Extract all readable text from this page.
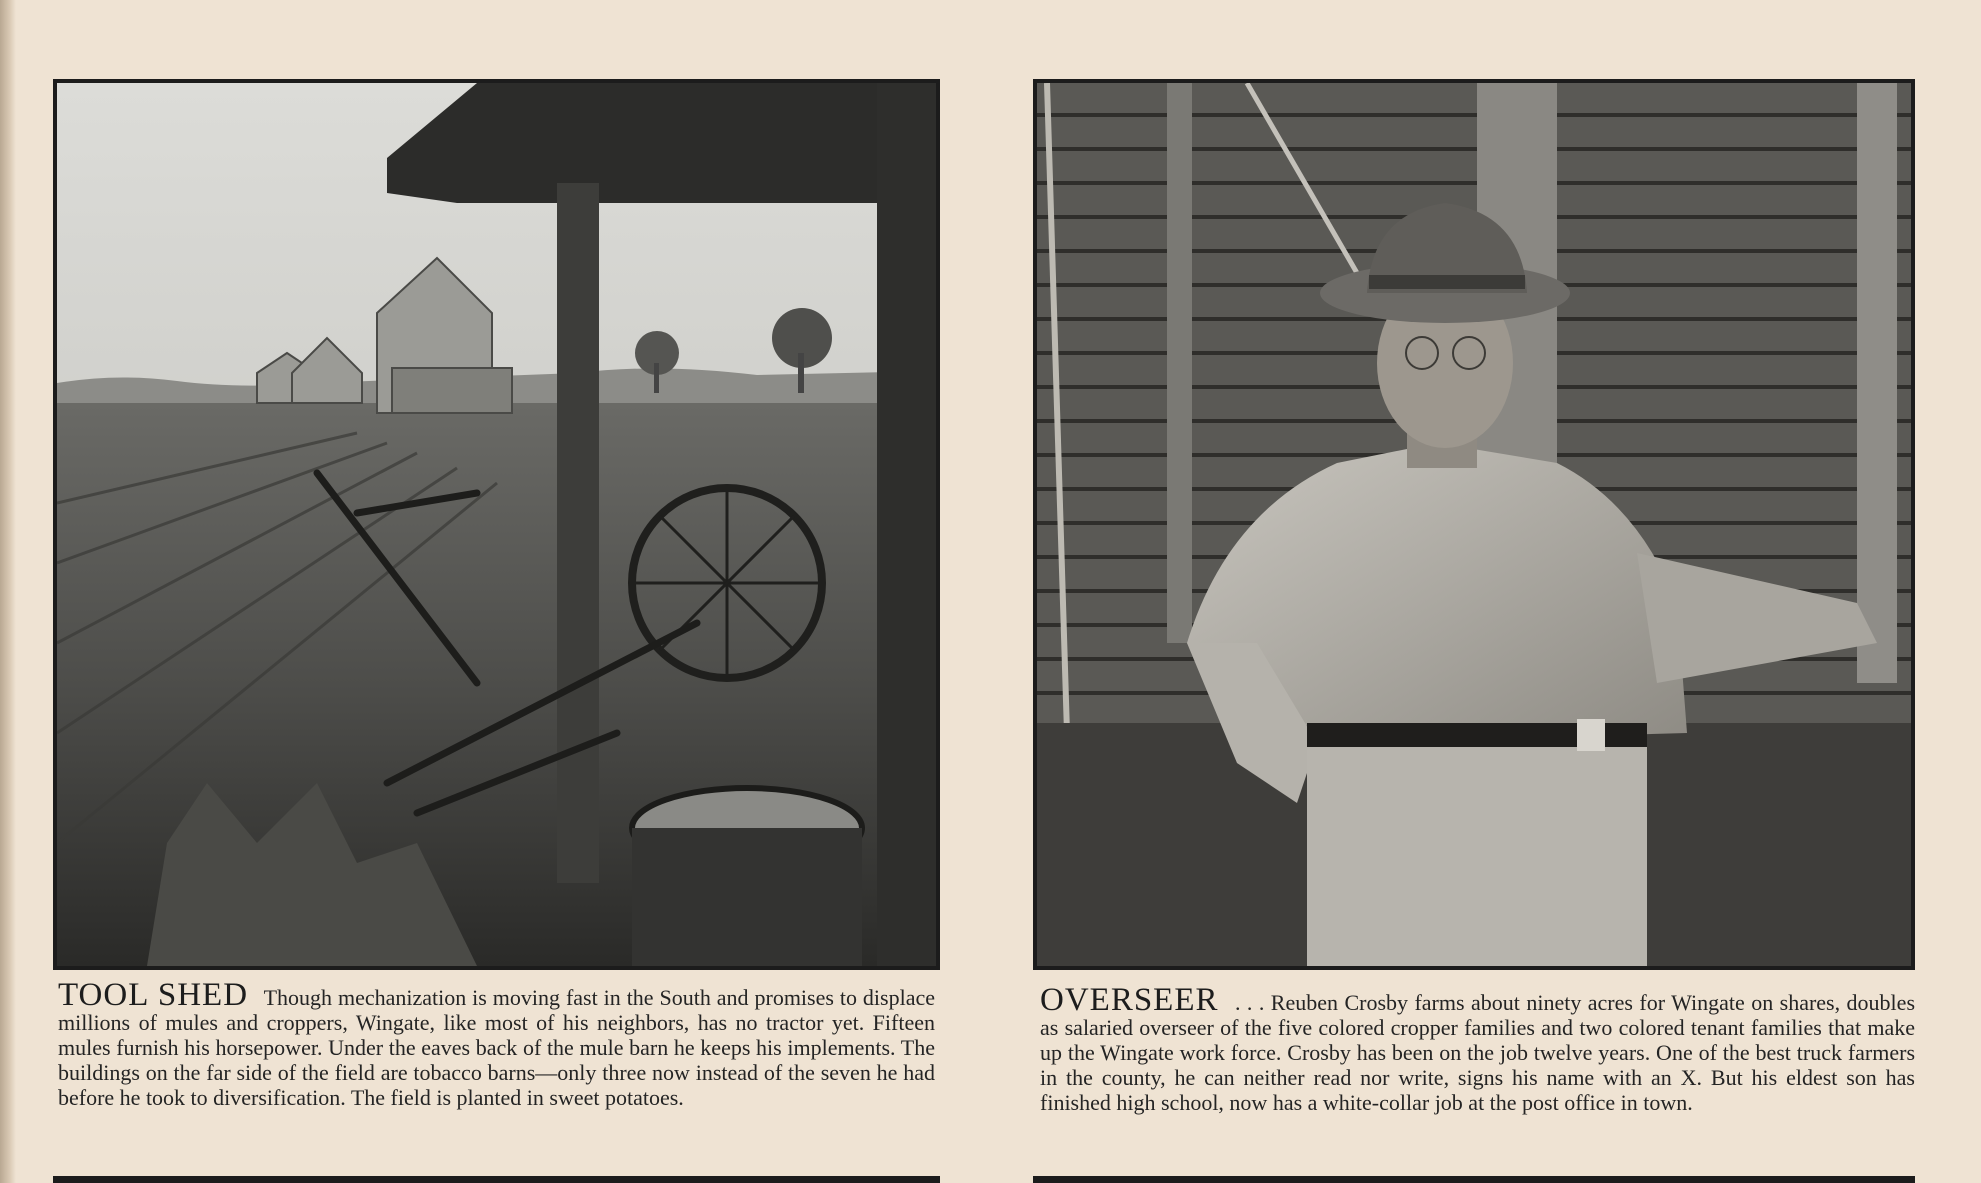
TOOL SHED Though mechanization is moving fast in the South and promises to displace millions of mules and croppers, Wingate, like most of his neighbors, has no tractor yet. Fifteen mules furnish his horsepower. Under the eaves back of the mule barn he keeps his implements. The buildings on the far side of the field are tobacco barns—only three now instead of the seven he had before he took to diversification. The field is planted in sweet potatoes.
OVERSEER . . . Reuben Crosby farms about ninety acres for Wingate on shares, doubles as salaried overseer of the five colored cropper families and two colored tenant families that make up the Wingate work force. Crosby has been on the job twelve years. One of the best truck farmers in the county, he can neither read nor write, signs his name with an X. But his eldest son has finished high school, now has a white-collar job at the post office in town.
